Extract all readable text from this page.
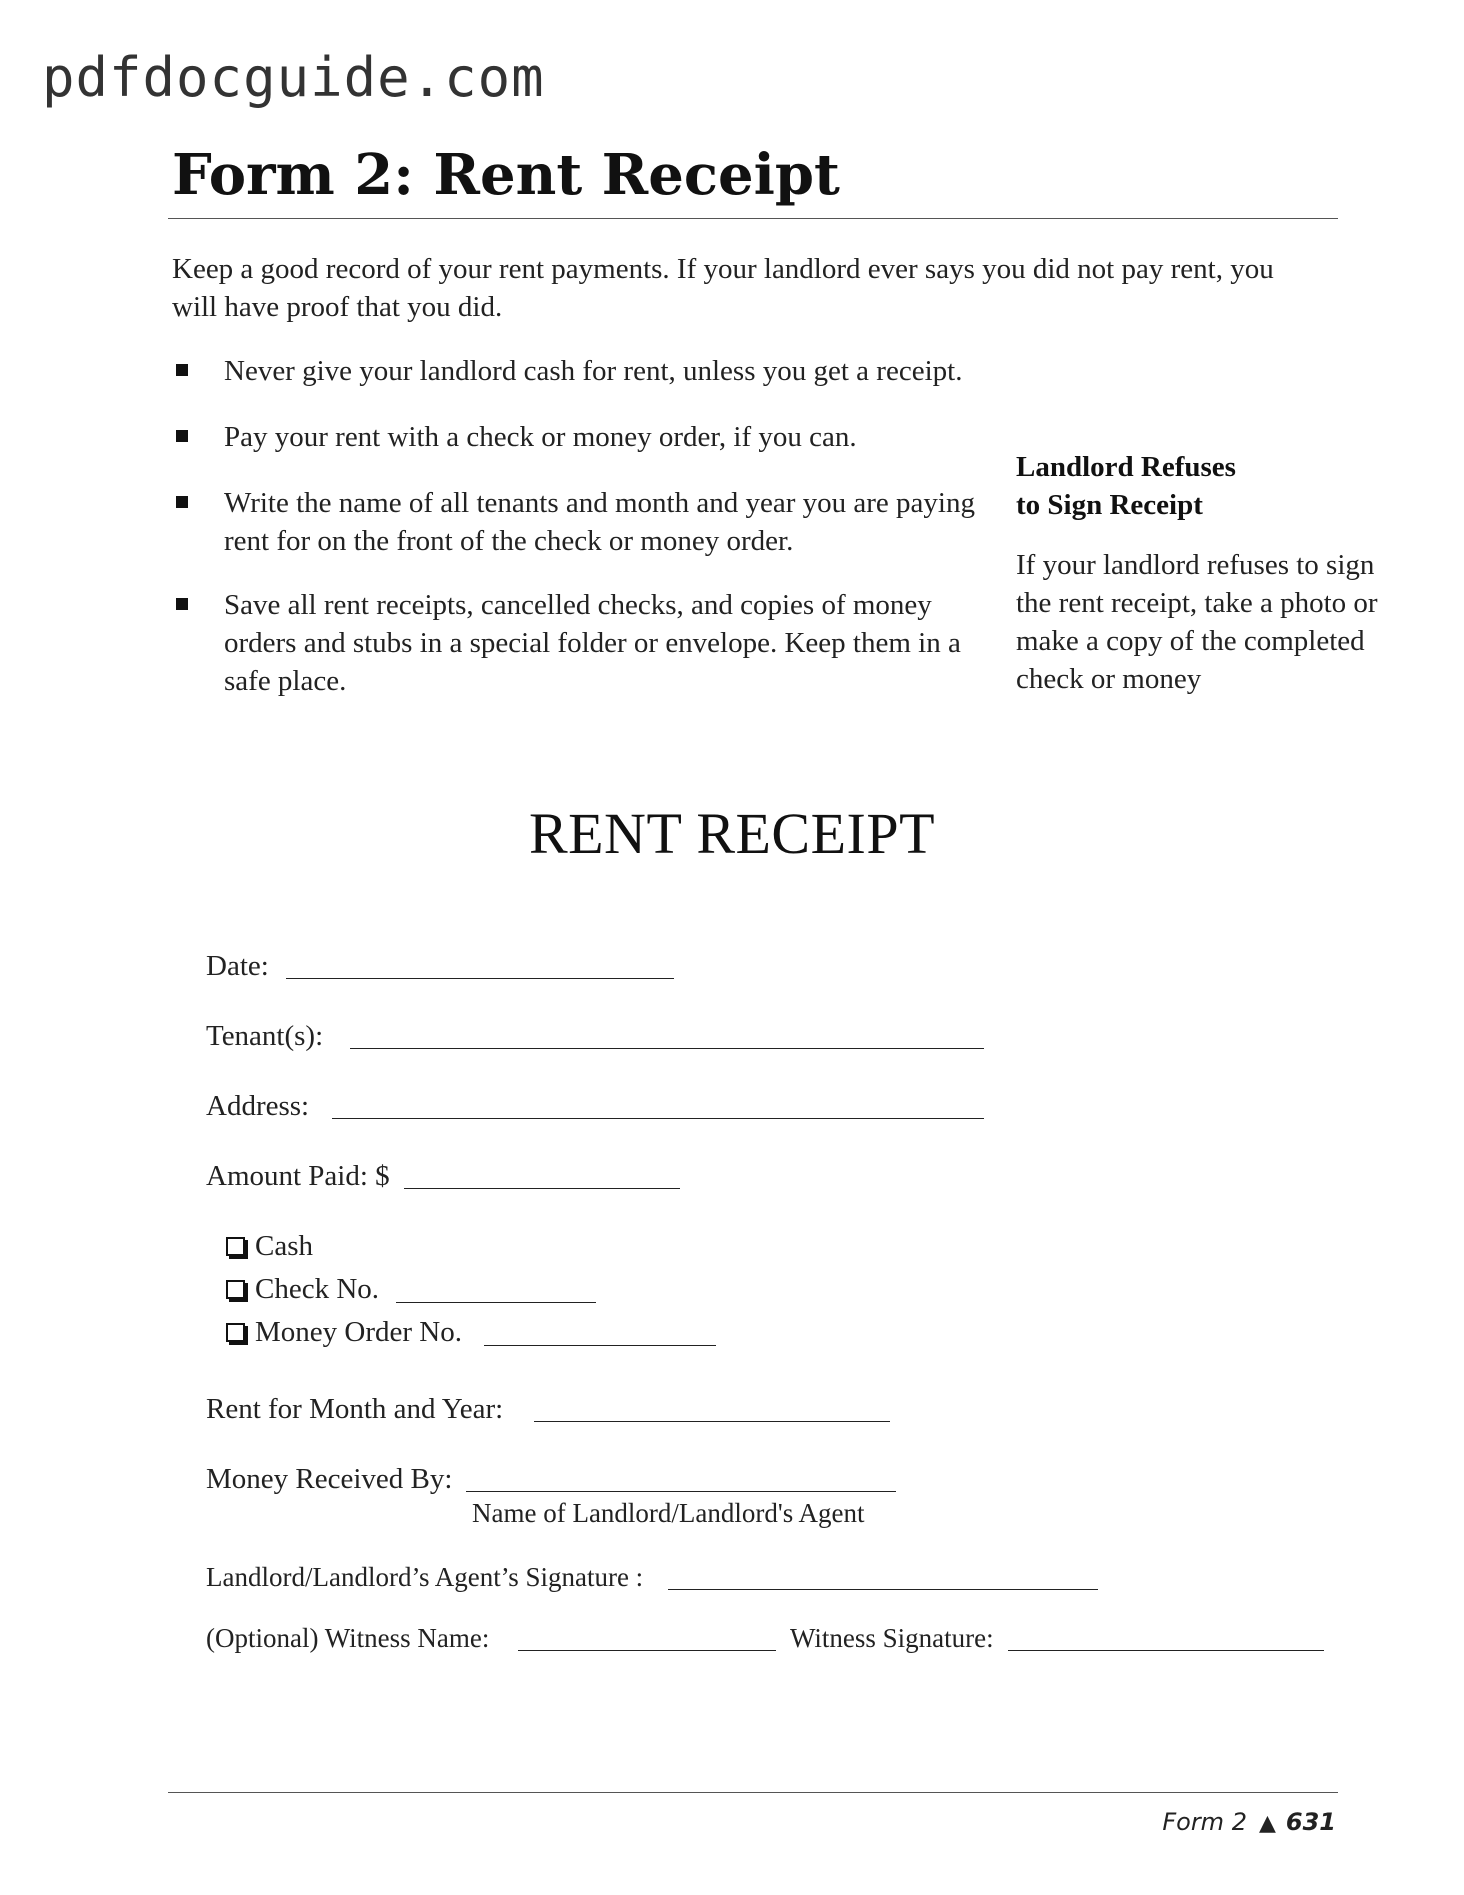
pdfdocguide.com
Form 2: Rent Receipt
Keep a good record of your rent payments. If your landlord ever says you did not pay rent, you will have proof that you did.
Never give your landlord cash for rent, unless you get a receipt.
Pay your rent with a check or money order, if you can.
Write the name of all tenants and month and year you are paying rent for on the front of the check or money order.
Save all rent receipts, cancelled checks, and copies of money orders and stubs in a special folder or envelope. Keep them in a safe place.
Landlord Refuses
to Sign Receipt
If your landlord refuses to sign the rent receipt, take a photo or make a copy of the completed check or money
RENT RECEIPT
Date:
Tenant(s):
Address:
Amount Paid: $
Cash
Check No.
Money Order No.
Rent for Month and Year:
Money Received By:
Name of Landlord/Landlord's Agent
Landlord/Landlord’s Agent’s Signature :
(Optional) Witness Name:	Witness Signature:
Form 2 ▲ 631
